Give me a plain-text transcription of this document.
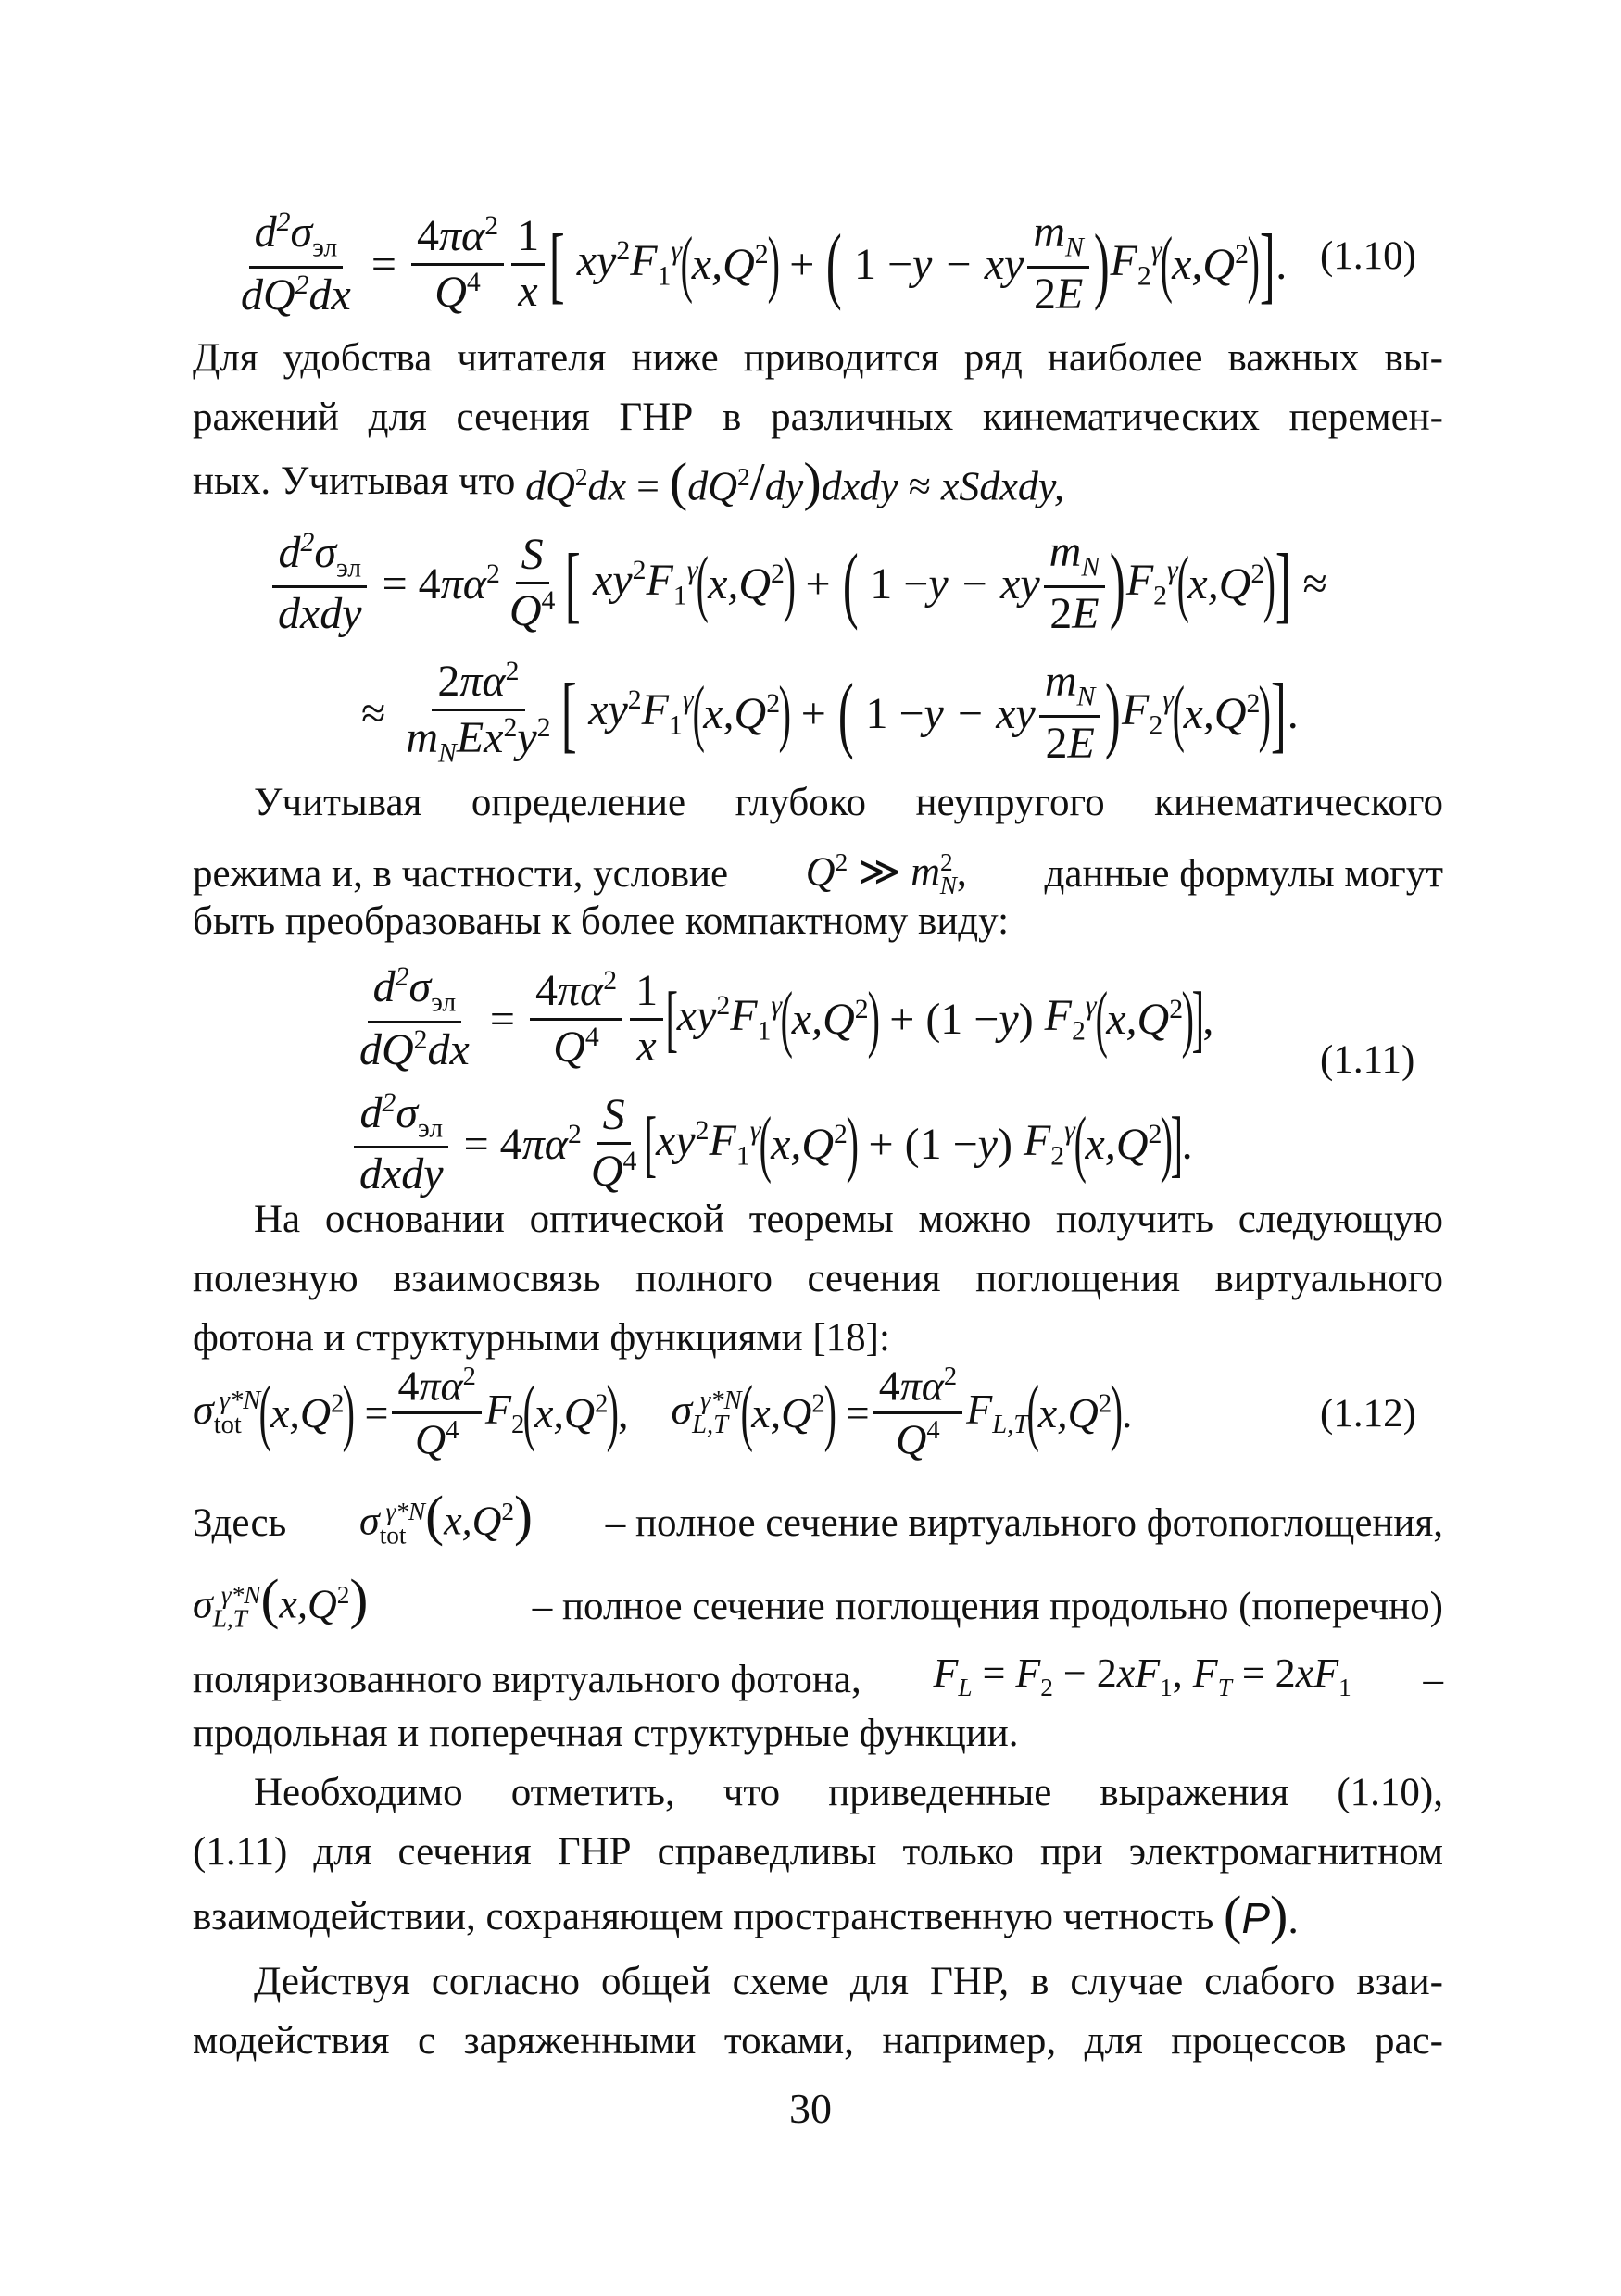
$\frac{d^2\sigma_{эл}}{dQ^2dx} = \frac{4\pi\alpha^2}{Q^4} \frac{1}{x}$ [ $xy^2F_1^\gamma$
(
$x,Q^2$
)
+ ( 1 − y − xy $\frac{m_N}{2E}$ ) $F_2^\gamma$
(
$x,Q^2$
) ] . (1.10)
Для удобства читателя ниже приводится ряд наиболее важных вы-
ражений для сечения ГНР в различных кинематических перемен-
ных. Учитывая что $dQ^2dx$ = $(dQ^2/dy)dxdy$ ≈ xSdxdy,
$\frac{d^2\sigma_{эл}}{\text{dxdy}} = 4$ $\pi\alpha^2 \frac{S}{Q^4}$ [ $xy^2F_1^\gamma$
(
$x,Q^2$
)
+ ( 1 − y − xy $\frac{m_N}{2E}$ ) $F_2^\gamma$
(
$x,Q^2$
) ] ≈
≈ $\frac{2\pi\alpha^2}{m_NEx^2y^2}$ [ $xy^2F_1^\gamma$
(
$x,Q^2$
)
+ ( 1 − y − xy $\frac{m_N}{2E}$ ) $F_2^\gamma$
(
$x,Q^2$
) ] .
Учитывая определение глубоко неупругого кинематического
режима и, в частности, условие $Q^2$ ≫ $m^2_N$, данные формулы могут
быть преобразованы к более компактному виду:
$\frac{d^2\sigma_{эл}}{dQ^2dx} = \frac{4\pi\alpha^2}{Q^4} \frac{1}{x}$ [
$xy^2F_1^\gamma$
(
$x,Q^2$
)
+ (1 − y ) $F_2^\gamma$
(
$x,Q^2$
)
]
,
(1.11)
$\frac{d^2\sigma_{эл}}{\text{dxdy}} = 4$ $\pi\alpha^2 \frac{S}{Q^4}$ [
$xy^2F_1^\gamma$
(
$x,Q^2$
)
+ (1 − y ) $F_2^\gamma$
(
$x,Q^2$
)
]
.
На основании оптической теоремы можно получить следующую
полезную взаимосвязь полного сечения поглощения виртуального
фотона и структурными функциями [18]:
$\sigma_{tot}^{\gamma*N}$
(
$x,Q^2$
)
= $\frac{4\pi\alpha^2}{Q^4} F_2$
(
$x,Q^2$
)
, $\sigma_{L,T}^{\gamma*N}$
(
$x,Q^2$
)
= $\frac{4\pi\alpha^2}{Q^4} F_{L,T}$
(
$x,Q^2$
)
.	(1.12)
Здесь $\sigma_{tot}^{\gamma*N}(x,Q^2)$ – полное сечение виртуального фотопоглощения,
$\sigma_{L,T}^{\gamma*N}(x,Q^2)$	– полное сечение поглощения продольно (поперечно)
поляризованного виртуального фотона, $F_L = F_2 - 2xF_1$, $F_T = 2xF_1$ –
продольная и поперечная структурные функции.
Необходимо отметить, что приведенные выражения (1.10),
(1.11) для сечения ГНР справедливы только при электромагнитном
взаимодействии, сохраняющем пространственную четность (P).
Действуя согласно общей схеме для ГНР, в случае слабого взаи-
модействия с заряженными токами, например, для процессов рас-
30
